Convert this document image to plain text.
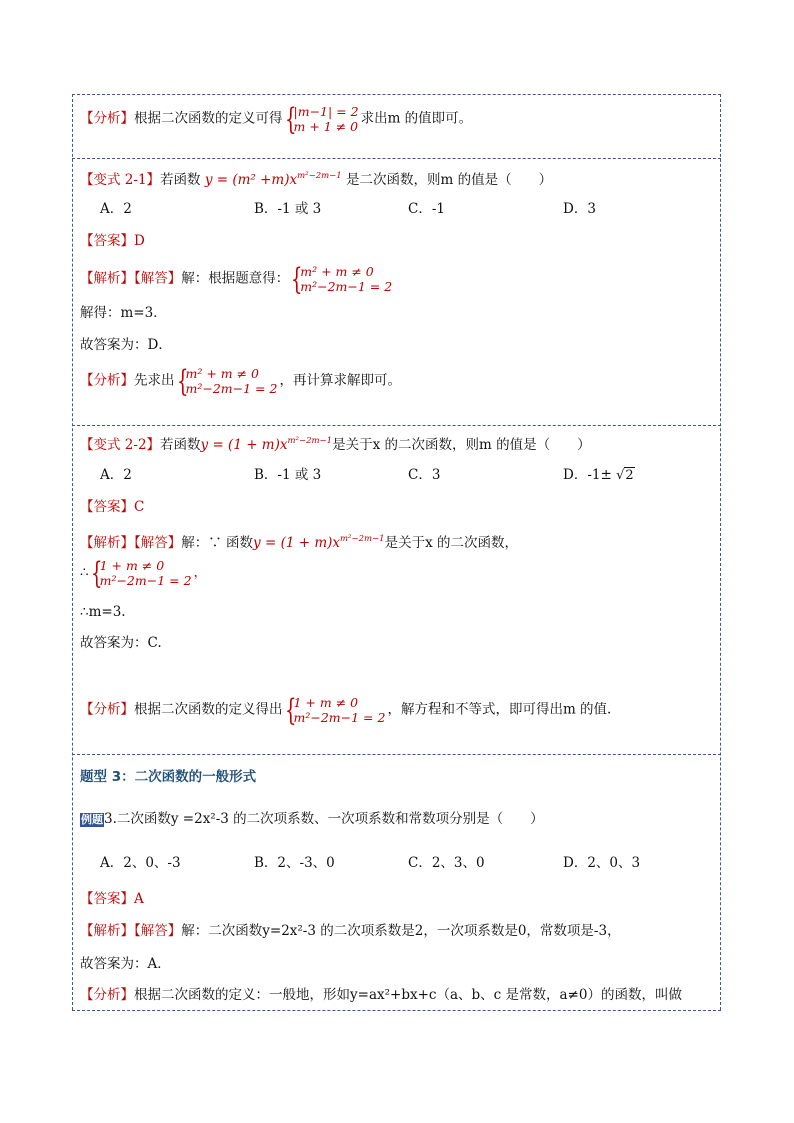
【分析】根据二次函数的定义可得 {
|m−1| = 2
m + 1 ≠ 0 求出m 的值即可。
【变式 2-1】若函数 $y = (m^2 +m)x^{m^2-2m-1}$ 是二次函数，则m 的值是（　　）
A．2	B．-1 或 3	C．-1	D．3
【答案】D
【解析】【解答】解：根据题意得： {
m² + m ≠ 0
m²−2m−1 = 2
解得：m=3．
故答案为：D．
【分析】先求出 {
m² + m ≠ 0
m²−2m−1 = 2 ，再计算求解即可。
【变式 2-2】若函数$y = (1 + m)x^{m^2-2m-1}$是关于x 的二次函数，则m 的值是（　　）
A．2	B．-1 或 3	C．3	D．-1± √2
【答案】C
【解析】【解答】解：∵ 函数$y = (1 + m)x^{m^2-2m-1}$是关于x 的二次函数，
∴ {
1 + m ≠ 0
m²−2m−1 = 2 ，
∴m=3.
故答案为：C.
【分析】根据二次函数的定义得出 {
1 + m ≠ 0
m²−2m−1 = 2 ，解方程和不等式，即可得出m 的值.
题型 3：二次函数的一般形式
例题3.二次函数y =2x²-3 的二次项系数、一次项系数和常数项分别是（　　）
A．2、0、-3	B．2、-3、0	C．2、3、0	D．2、0、3
【答案】A
【解析】【解答】解：二次函数y=2x²-3 的二次项系数是2，一次项系数是0，常数项是-3，
故答案为：A．
【分析】根据二次函数的定义：一般地，形如y=ax²+bx+c（a、b、c 是常数，a≠0）的函数，叫做
